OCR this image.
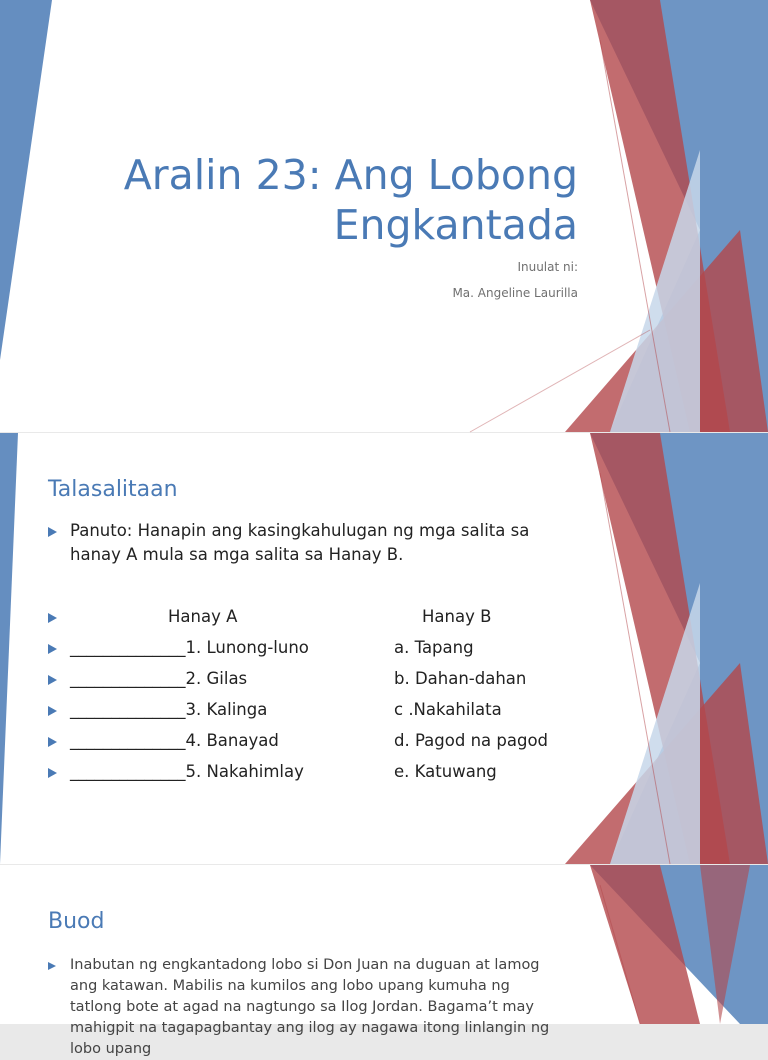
Aralin 23: Ang Lobong
Engkantada
Inuulat ni:
Ma. Angeline Laurilla
Talasalitaan
Panuto: Hanapin ang kasingkahulugan ng mga salita sa
hanay A mula sa mga salita sa Hanay B.
Hanay A	Hanay B
______________1. Lunong-luno	a. Tapang
______________2. Gilas	b. Dahan-dahan
______________3. Kalinga	c .Nakahilata
______________4. Banayad	d. Pagod na pagod
______________5. Nakahimlay	e. Katuwang
Buod
Inabutan ng engkantadong lobo si Don Juan na duguan at lamog ang katawan. Mabilis na kumilos ang lobo upang kumuha ng tatlong bote at agad na nagtungo sa Ilog Jordan. Bagama’t may mahigpit na tagapagbantay ang ilog ay nagawa itong linlangin ng lobo upang
